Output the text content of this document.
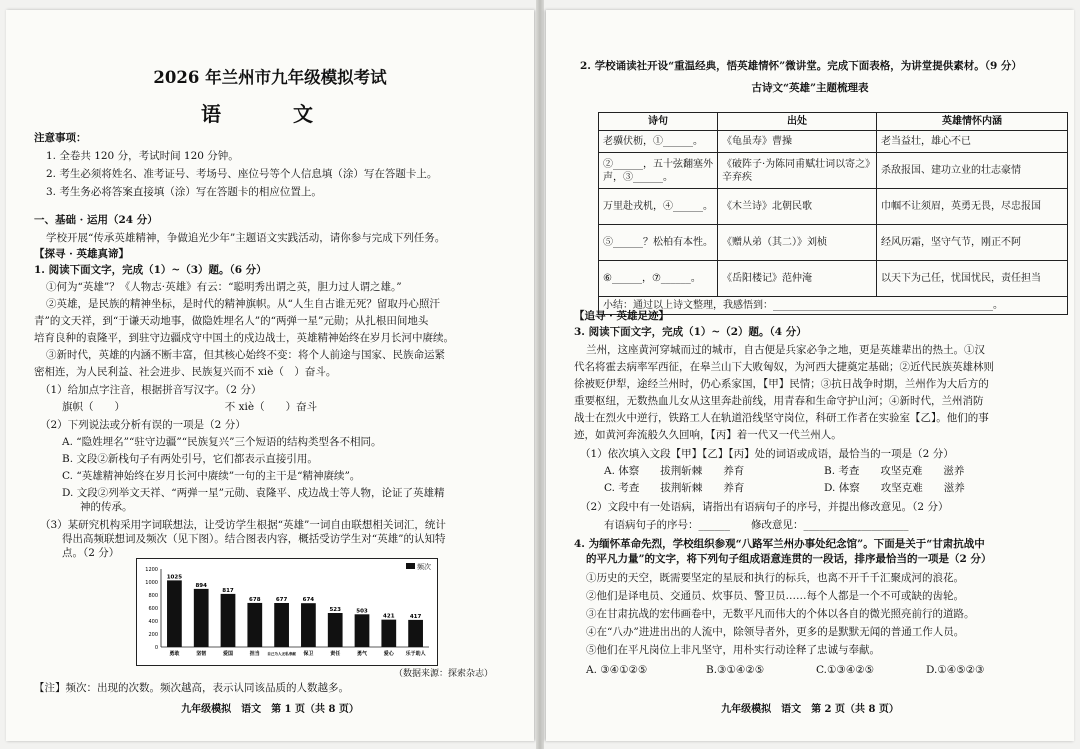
2026 年兰州市九年级模拟考试
语　文
注意事项：
1. 全卷共 120 分，考试时间 120 分钟。
2. 考生必须将姓名、准考证号、考场号、座位号等个人信息填（涂）写在答题卡上。
3. 考生务必将答案直接填（涂）写在答题卡的相应位置上。
一、基础 · 运用（24 分）
学校开展“传承英雄精神，争做追光少年”主题语文实践活动，请你参与完成下列任务。
【探寻 · 英雄真谛】
1. 阅读下面文字，完成（1）~（3）题。（6 分）
①何为“英雄”？《人物志·英雄》有云：“聪明秀出谓之英，胆力过人谓之雄。”
②英雄，是民族的精神坐标，是时代的精神旗帜。从“人生自古谁无死？留取丹心照汗
青”的文天祥，到“于谦天动地事，做隐姓埋名人”的“两弹一星”元勋；从扎根田间地头
培育良种的袁隆平，到驻守边疆戍守中国土的戍边战士，英雄精神始终在岁月长河中赓续。
③新时代，英雄的内涵不断丰富，但其核心始终不变：将个人前途与国家、民族命运紧
密相连，为人民利益、社会进步、民族复兴而不 xiè（　）奋斗。
（1）给加点字注音，根据拼音写汉字。（2 分）
旗帜（　　）　　　　　　　　　　不 xiè（　　）奋斗
（2）下列说法或分析有误的一项是（2 分）
A. “隐姓埋名”“驻守边疆”“民族复兴”三个短语的结构类型各不相同。
B. 文段②新栈句子有两处引号，它们都表示直接引用。
C. “英雄精神始终在岁月长河中赓续”一句的主干是“精神赓续”。
D. 文段②列举文天祥、“两弹一星”元勋、袁隆平、戍边战士等人物，论证了英雄精
神的传承。
（3）某研究机构采用字词联想法，让受访学生根据“英雄”一词自由联想相关词汇，统计
得出高频联想词及频次（见下图）。结合图表内容，概括受访学生对“英雄”的认知特
点。（2 分）
0
200
400
600
800
1000
1200
1025
勇敢
894
坚韧
817
爱国
678
担当
677
自己为人无私奉献
674
保卫
523
责任
503
勇气
421
爱心
417
乐于助人
频次
（数据来源：探索杂志）
【注】频次：出现的次数。频次越高，表示认同该品质的人数越多。
九年级模拟　语文　第 1 页（共 8 页）
2. 学校诵读社开设“重温经典，悟英雄情怀”微讲堂。完成下面表格，为讲堂提供素材。（9 分）
古诗文“英雄”主题梳理表
诗句	出处	英雄情怀内涵
老骥伏枥，①______。	《龟虽寿》曹操	老当益壮，雄心不已
②______，五十弦翻塞外声，③______。	《破阵子·为陈同甫赋壮词以寄之》辛弃疾	杀敌报国、建功立业的壮志豪情
万里赴戎机，④______。	《木兰诗》北朝民歌	巾帼不让须眉，英勇无畏，尽忠报国
⑤______？松柏有本性。	《赠从弟（其二）》刘桢	经风历霜，坚守气节，刚正不阿
⑥______，⑦______。	《岳阳楼记》范仲淹	以天下为己任，忧国忧民，责任担当
小结：通过以上诗文整理，我感悟到：____________________________________________。		
【追寻 · 英雄足迹】
3. 阅读下面文字，完成（1）~（2）题。（4 分）
兰州，这座黄河穿城而过的城市，自古便是兵家必争之地，更是英雄辈出的热土。①汉
代名将霍去病率军西征，在皋兰山下大败匈奴，为河西大捷奠定基础；②近代民族英雄林则
徐被贬伊犁，途经兰州时，仍心系家国，【甲】民情；③抗日战争时期，兰州作为大后方的
重要枢纽，无数热血儿女从这里奔赴前线，用青春和生命守护山河；④新时代，兰州消防
战士在烈火中逆行，铁路工人在轨道沿线坚守岗位，科研工作者在实验室【乙】。他们的事
迹，如黄河奔流般久久回响，【丙】着一代又一代兰州人。
（1）依次填入文段【甲】【乙】【丙】处的词语或成语，最恰当的一项是（2 分）
A. 体察　　拔荆斩棘　　养育	B. 考查　　攻坚克难　　滋养
C. 考查　　拔荆斩棘　　养育	D. 体察　　攻坚克难　　滋养
（2）文段中有一处语病，请指出有语病句子的序号，并提出修改意见。（2 分）
有语病句子的序号：______　　修改意见：____________________
4. 为缅怀革命先烈，学校组织参观“八路军兰州办事处纪念馆”。下面是关于“甘肃抗战中
的平凡力量”的文字，将下列句子组成语意连贯的一段话，排序最恰当的一项是（2 分）
①历史的天空，既需要坚定的星辰和执行的标兵，也离不开千千汇聚成河的浪花。
②他们是译电员、交通员、炊事员、警卫员……每个人都是一个不可或缺的齿轮。
③在甘肃抗战的宏伟画卷中，无数平凡而伟大的个体以各自的微光照亮前行的道路。
④在“八办”进进出出的人流中，除领导者外，更多的是默默无闻的普通工作人员。
⑤他们在平凡岗位上非凡坚守，用朴实行动诠释了忠诚与奉献。
A. ③④①②⑤	B.③①④②⑤	C.①③④②⑤	D.①④⑤②③
九年级模拟　语文　第 2 页（共 8 页）
